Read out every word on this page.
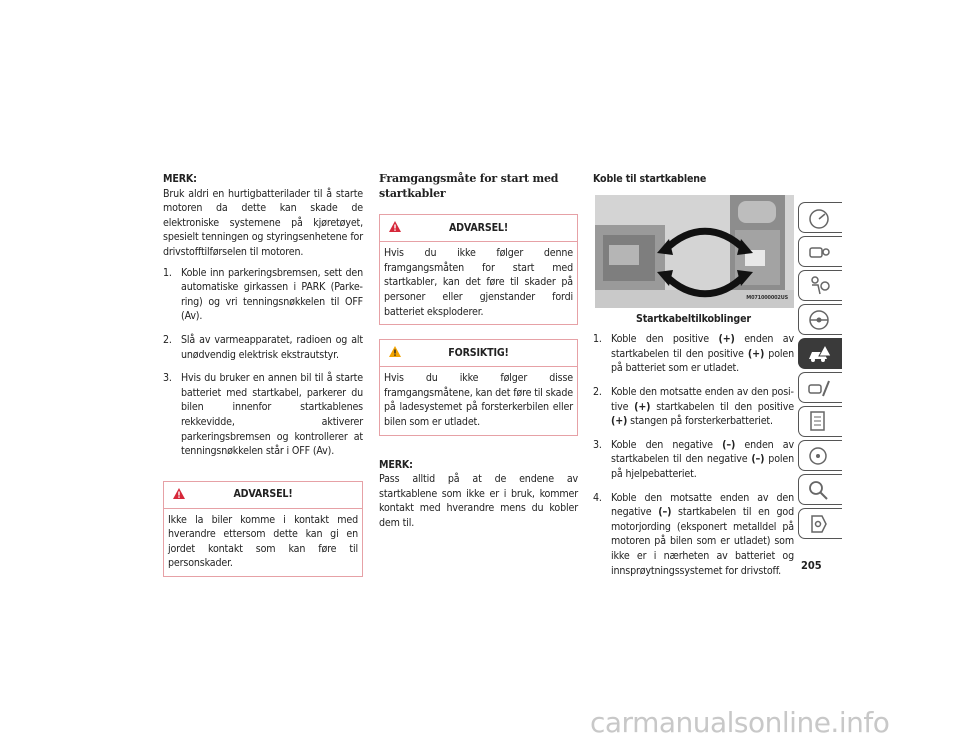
MERK:
Bruk aldri en hurtigbatterilader til å starte motoren da dette kan skade de elektroniske systemene på kjøretøyet, spesielt tenningen og styringsenhetene for drivstofftilførselen til motoren.
1. Koble inn parkeringsbremsen, sett den automatiske girkassen i PARK (Parkering) og vri tenningsnøkkelen til OFF (Av).
2. Slå av varmeapparatet, radioen og alt unødvendig elektrisk ekstrautstyr.
3. Hvis du bruker en annen bil til å starte batteriet med startkabel, parkerer du bilen innenfor startkablenes rekkevidde, aktiverer parkeringsbremsen og kontrollerer at tenningsnøkkelen står i OFF (Av).
ADVARSEL!
Ikke la biler komme i kontakt med hverandre ettersom dette kan gi en jordet kontakt som kan føre til personskader.
Framgangsmåte for start med startkabler
ADVARSEL!
Hvis du ikke følger denne framgangsmåten for start med startkabler, kan det føre til skader på personer eller gjenstander fordi batteriet eksploderer.
FORSIKTIG!
Hvis du ikke følger disse framgangsmåtene, kan det føre til skade på ladesystemet på forsterkerbilen eller bilen som er utladet.
MERK:
Pass alltid på at de endene av startkablene som ikke er i bruk, kommer kontakt med hverandre mens du kobler dem til.
Koble til startkablene
M071000002US
Startkabeltilkoblinger
1. Koble den positive (+) enden av startkabelen til den positive (+) polen på batteriet som er utladet.
2. Koble den motsatte enden av den positive (+) startkabelen til den positive (+) stangen på forsterkerbatteriet.
3. Koble den negative (–) enden av startkabelen til den negative (–) polen på hjelpebatteriet.
4. Koble den motsatte enden av den negative (–) startkabelen til en god motorjording (eksponert metalldel på motoren på bilen som er utladet) som ikke er i nærheten av batteriet og innsprøytningssystemet for drivstoff.	205
carmanualsonline.info
